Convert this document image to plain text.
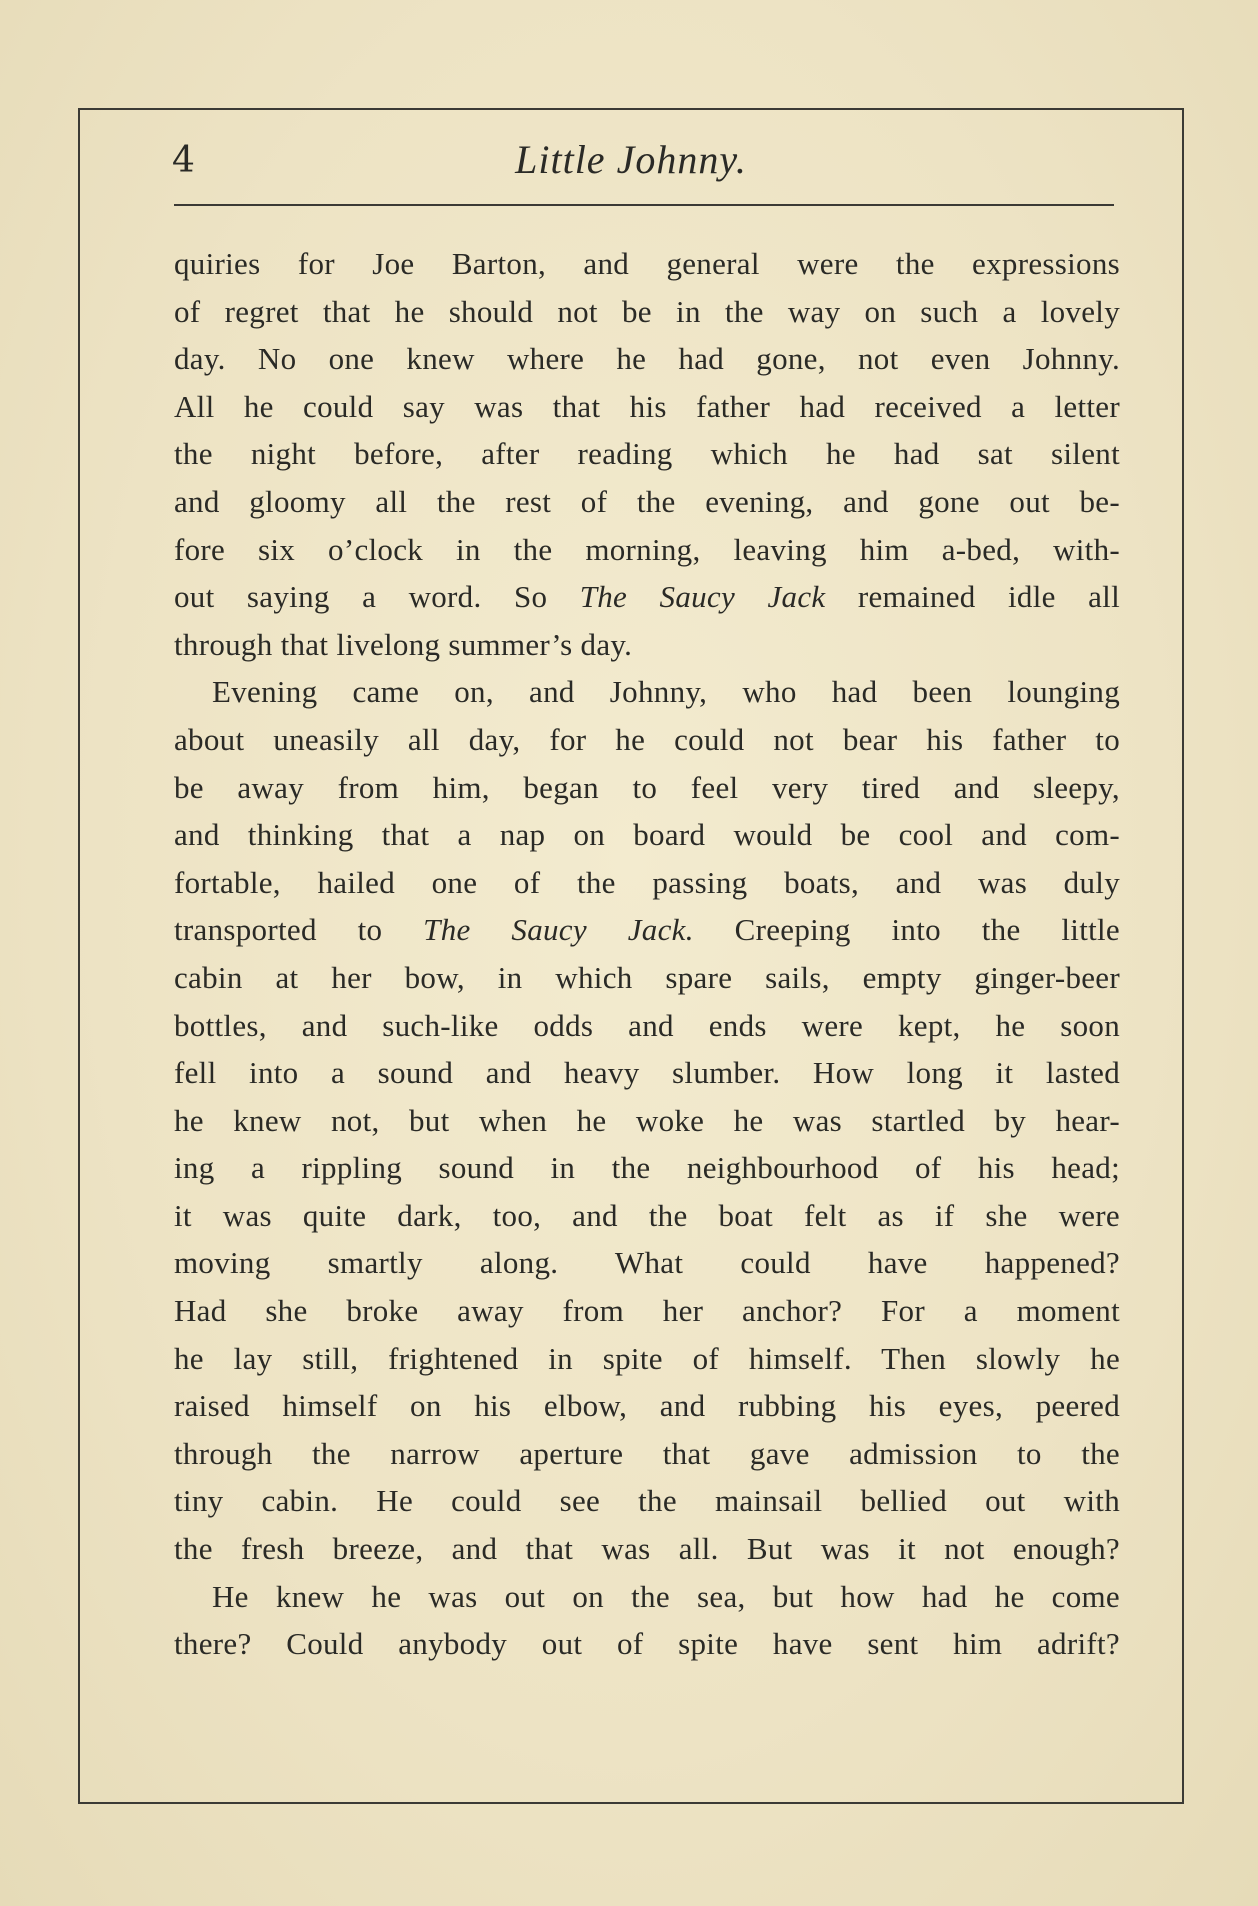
4	Little Johnny.
quiries for Joe Barton, and general were the expressions
of regret that he should not be in the way on such a lovely
day. No one knew where he had gone, not even Johnny.
All he could say was that his father had received a letter
the night before, after reading which he had sat silent
and gloomy all the rest of the evening, and gone out be-
fore six o’clock in the morning, leaving him a-bed, with-
out saying a word. So The Saucy Jack remained idle all
through that livelong summer’s day.
Evening came on, and Johnny, who had been lounging
about uneasily all day, for he could not bear his father to
be away from him, began to feel very tired and sleepy,
and thinking that a nap on board would be cool and com-
fortable, hailed one of the passing boats, and was duly
transported to The Saucy Jack. Creeping into the little
cabin at her bow, in which spare sails, empty ginger-beer
bottles, and such-like odds and ends were kept, he soon
fell into a sound and heavy slumber. How long it lasted
he knew not, but when he woke he was startled by hear-
ing a rippling sound in the neighbourhood of his head;
it was quite dark, too, and the boat felt as if she were
moving smartly along. What could have happened?
Had she broke away from her anchor? For a moment
he lay still, frightened in spite of himself. Then slowly he
raised himself on his elbow, and rubbing his eyes, peered
through the narrow aperture that gave admission to the
tiny cabin. He could see the mainsail bellied out with
the fresh breeze, and that was all. But was it not enough?
He knew he was out on the sea, but how had he come
there? Could anybody out of spite have sent him adrift?
